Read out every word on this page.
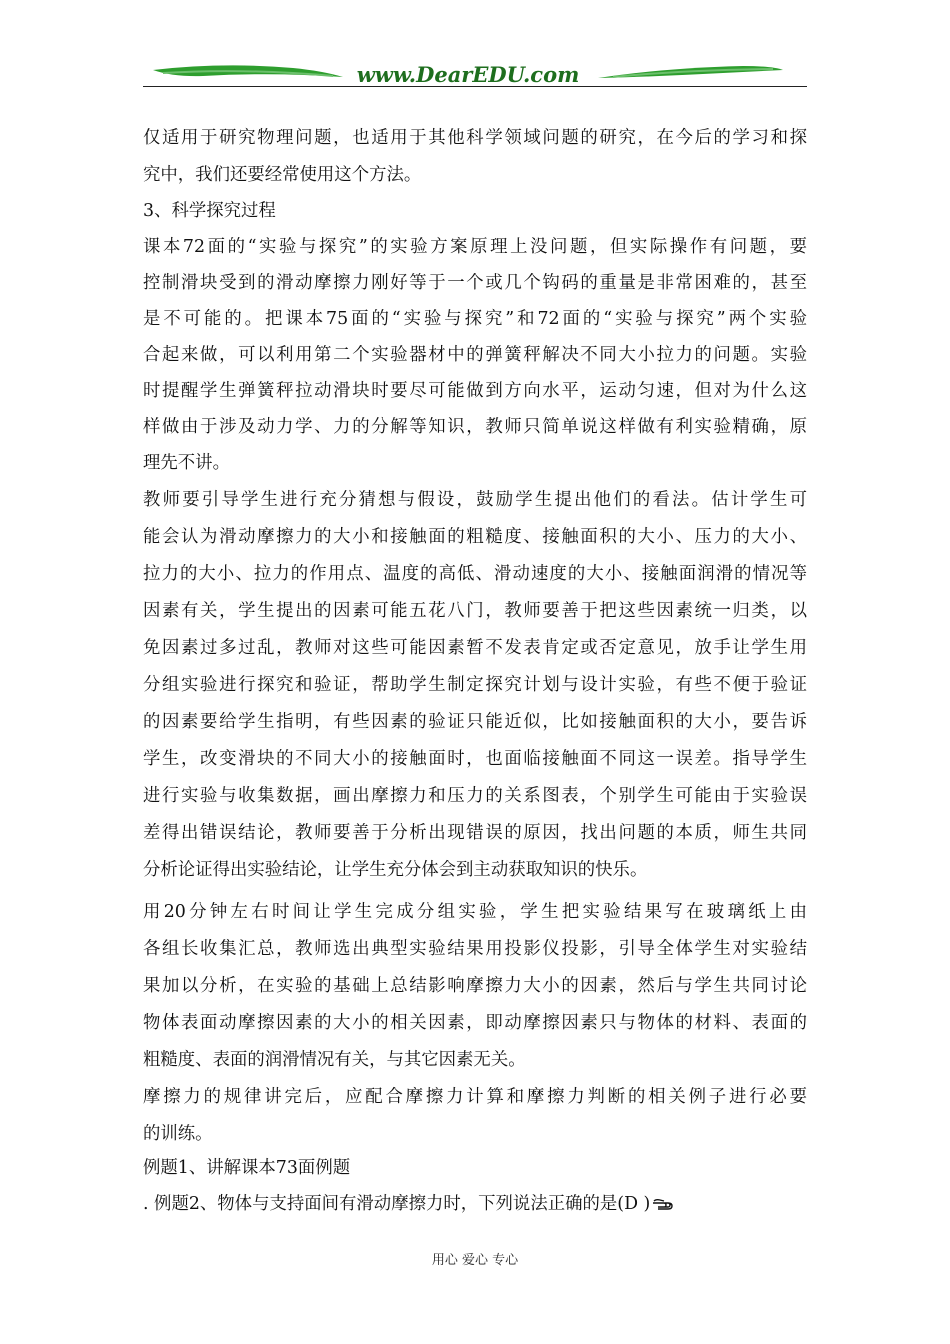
www.DearEDU.com
仅适用于研究物理问题，也适用于其他科学领域问题的研究，在今后的学习和探
究中，我们还要经常使用这个方法。
3、科学探究过程
课本72面的“实验与探究”的实验方案原理上没问题，但实际操作有问题，要
控制滑块受到的滑动摩擦力刚好等于一个或几个钩码的重量是非常困难的，甚至
是不可能的。把课本75面的“实验与探究”和72面的“实验与探究”两个实验
合起来做，可以利用第二个实验器材中的弹簧秤解决不同大小拉力的问题。实验
时提醒学生弹簧秤拉动滑块时要尽可能做到方向水平，运动匀速，但对为什么这
样做由于涉及动力学、力的分解等知识，教师只简单说这样做有利实验精确，原
理先不讲。
教师要引导学生进行充分猜想与假设，鼓励学生提出他们的看法。估计学生可
能会认为滑动摩擦力的大小和接触面的粗糙度、接触面积的大小、压力的大小、
拉力的大小、拉力的作用点、温度的高低、滑动速度的大小、接触面润滑的情况等
因素有关，学生提出的因素可能五花八门，教师要善于把这些因素统一归类，以
免因素过多过乱，教师对这些可能因素暂不发表肯定或否定意见，放手让学生用
分组实验进行探究和验证，帮助学生制定探究计划与设计实验，有些不便于验证
的因素要给学生指明，有些因素的验证只能近似，比如接触面积的大小，要告诉
学生，改变滑块的不同大小的接触面时，也面临接触面不同这一误差。指导学生
进行实验与收集数据，画出摩擦力和压力的关系图表，个别学生可能由于实验误
差得出错误结论，教师要善于分析出现错误的原因，找出问题的本质，师生共同
分析论证得出实验结论，让学生充分体会到主动获取知识的快乐。
用20分钟左右时间让学生完成分组实验，学生把实验结果写在玻璃纸上由
各组长收集汇总，教师选出典型实验结果用投影仪投影，引导全体学生对实验结
果加以分析，在实验的基础上总结影响摩擦力大小的因素，然后与学生共同讨论
物体表面动摩擦因素的大小的相关因素，即动摩擦因素只与物体的材料、表面的
粗糙度、表面的润滑情况有关，与其它因素无关。
摩擦力的规律讲完后，应配合摩擦力计算和摩擦力判断的相关例子进行必要
的训练。
例题1、讲解课本73面例题
. 例题2、物体与支持面间有滑动摩擦力时，下列说法正确的是(D )
用心 爱心 专心
